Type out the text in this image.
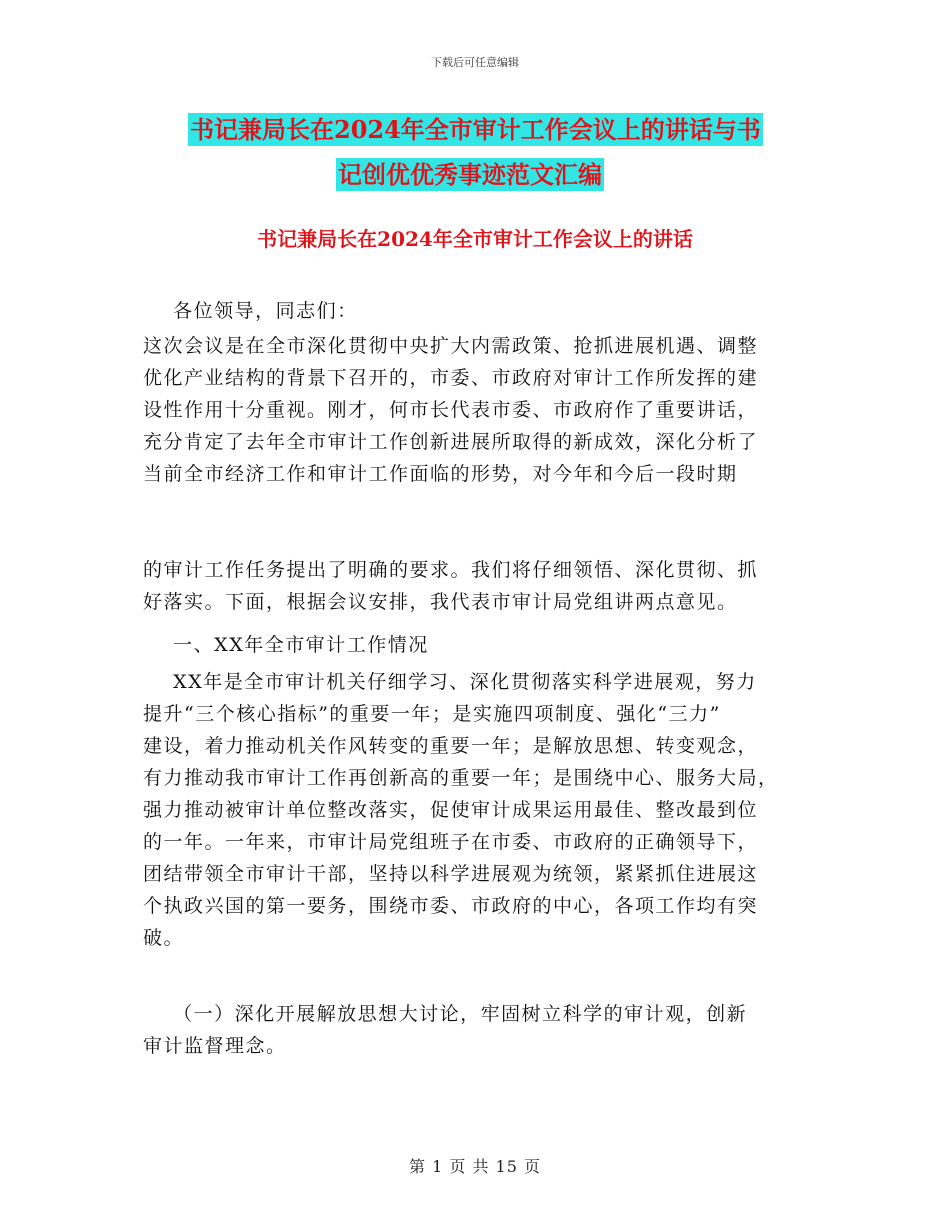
下载后可任意编辑
书记兼局长在2024年全市审计工作会议上的讲话与书
记创优优秀事迹范文汇编
书记兼局长在2024年全市审计工作会议上的讲话
各位领导，同志们：
这次会议是在全市深化贯彻中央扩大内需政策、抢抓进展机遇、调整
优化产业结构的背景下召开的，市委、市政府对审计工作所发挥的建
设性作用十分重视。刚才，何市长代表市委、市政府作了重要讲话，
充分肯定了去年全市审计工作创新进展所取得的新成效，深化分析了
当前全市经济工作和审计工作面临的形势，对今年和今后一段时期
的审计工作任务提出了明确的要求。我们将仔细领悟、深化贯彻、抓
好落实。下面，根据会议安排，我代表市审计局党组讲两点意见。
一、XX年全市审计工作情况
XX年是全市审计机关仔细学习、深化贯彻落实科学进展观，努力
提升“三个核心指标”的重要一年；是实施四项制度、强化“三力”
建设，着力推动机关作风转变的重要一年；是解放思想、转变观念，
有力推动我市审计工作再创新高的重要一年；是围绕中心、服务大局，
强力推动被审计单位整改落实，促使审计成果运用最佳、整改最到位
的一年。一年来，市审计局党组班子在市委、市政府的正确领导下，
团结带领全市审计干部，坚持以科学进展观为统领，紧紧抓住进展这
个执政兴国的第一要务，围绕市委、市政府的中心，各项工作均有突
破。
（一）深化开展解放思想大讨论，牢固树立科学的审计观，创新
审计监督理念。
第 1 页 共 15 页
